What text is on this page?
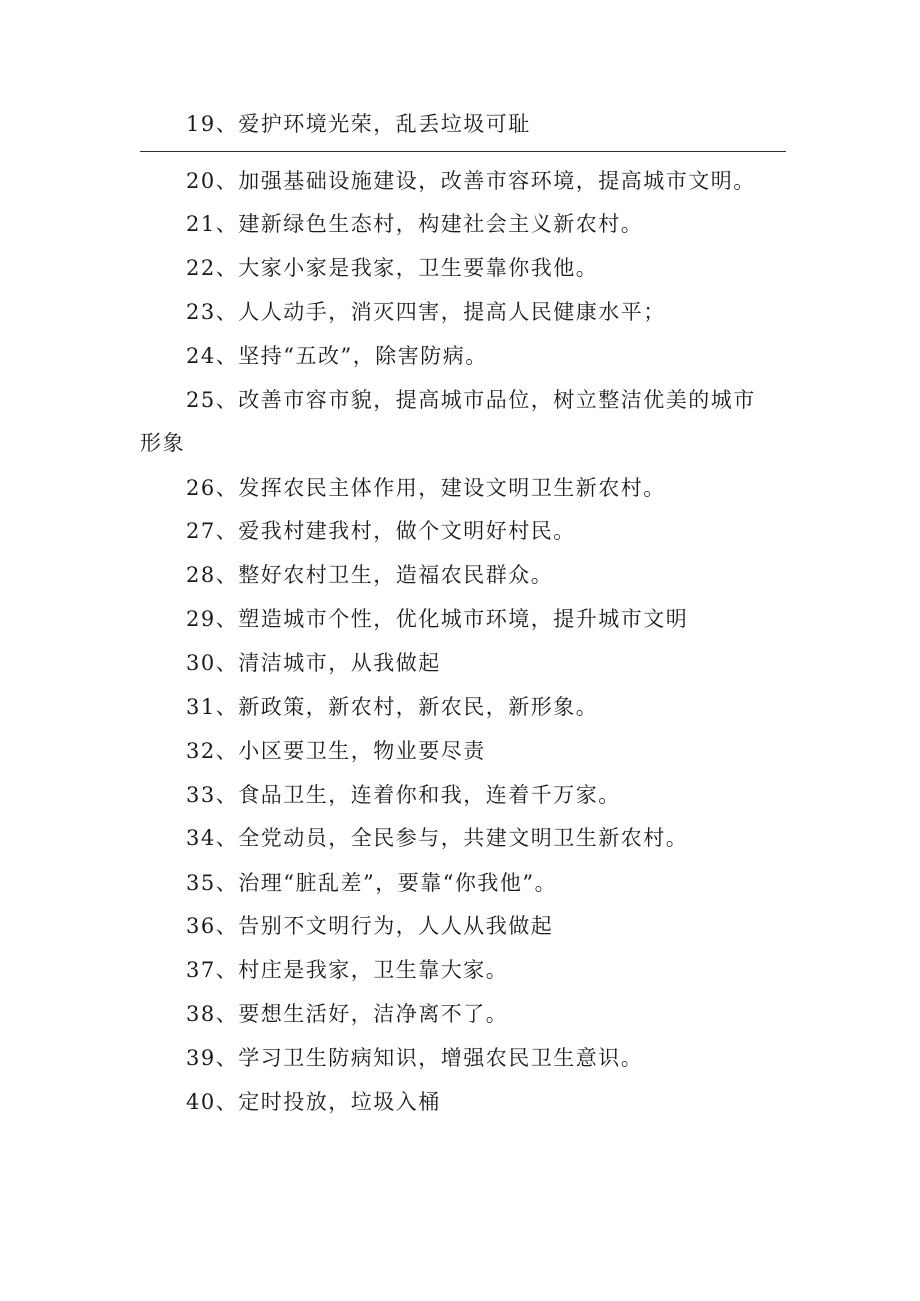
19、爱护环境光荣，乱丢垃圾可耻
20、加强基础设施建设，改善市容环境，提高城市文明。
21、建新绿色生态村，构建社会主义新农村。
22、大家小家是我家，卫生要靠你我他。
23、人人动手，消灭四害，提高人民健康水平；
24、坚持“五改”，除害防病。
25、改善市容市貌，提高城市品位，树立整洁优美的城市
形象
26、发挥农民主体作用，建设文明卫生新农村。
27、爱我村建我村，做个文明好村民。
28、整好农村卫生，造福农民群众。
29、塑造城市个性，优化城市环境，提升城市文明
30、清洁城市，从我做起
31、新政策，新农村，新农民，新形象。
32、小区要卫生，物业要尽责
33、食品卫生，连着你和我，连着千万家。
34、全党动员，全民参与，共建文明卫生新农村。
35、治理“脏乱差”，要靠“你我他”。
36、告别不文明行为，人人从我做起
37、村庄是我家，卫生靠大家。
38、要想生活好，洁净离不了。
39、学习卫生防病知识，增强农民卫生意识。
40、定时投放，垃圾入桶
